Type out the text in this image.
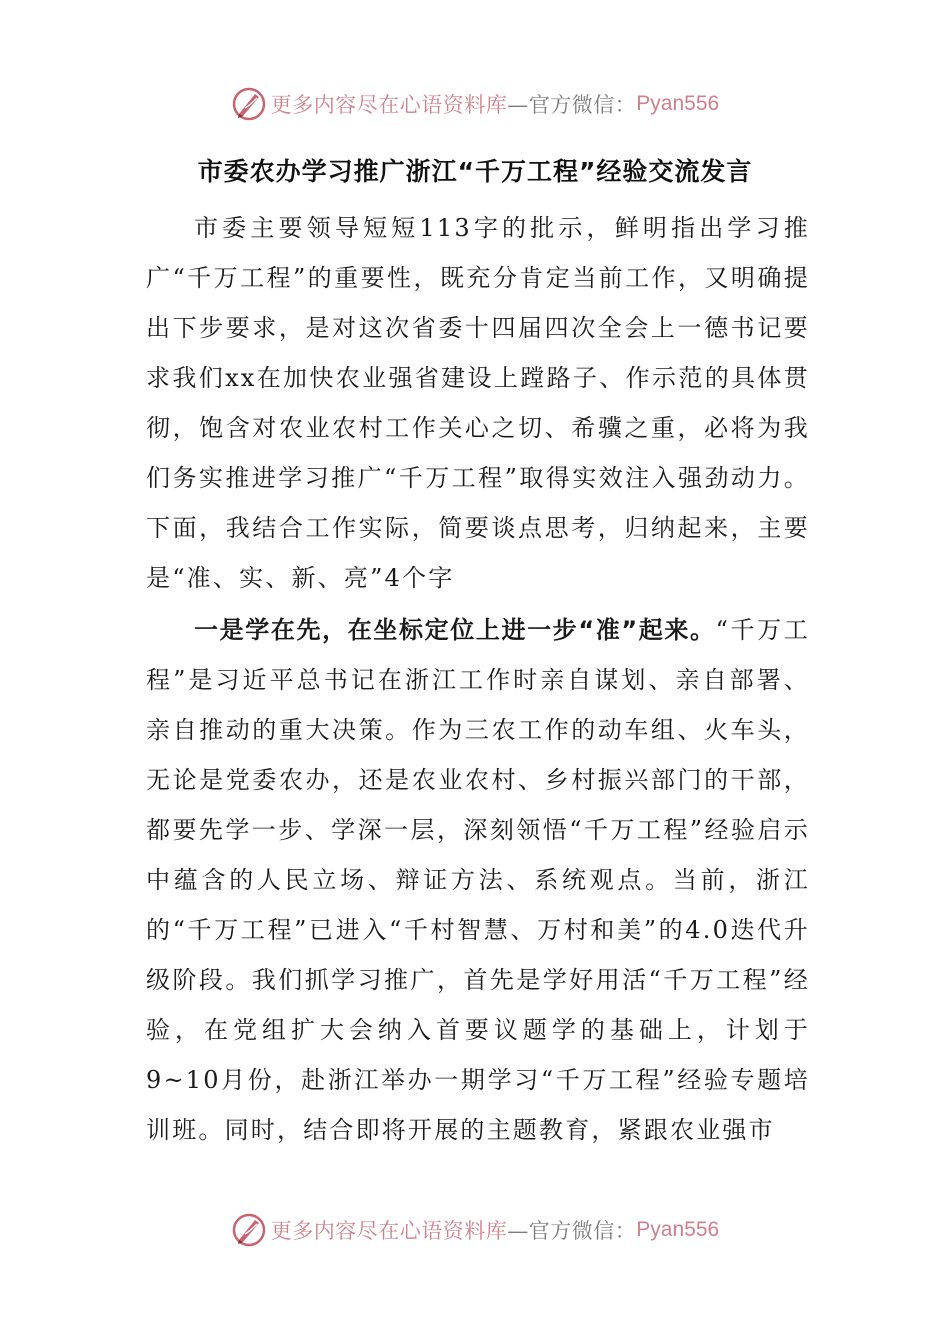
更多内容尽在心语资料库 —官方微信： Pyan556
市委农办学习推广浙江“千万工程”经验交流发言

市委主要领导短短113字的批示，鲜明指出学习推广“千万工程”的重要性，既充分肯定当前工作，又明确提出下步要求，是对这次省委十四届四次全会上一德书记要求我们xx在加快农业强省建设上蹚路子、作示范的具体贯彻，饱含对农业农村工作关心之切、希骥之重，必将为我们务实推进学习推广“千万工程”取得实效注入强劲动力。下面，我结合工作实际，简要谈点思考，归纳起来，主要是“准、实、新、亮”4个字

一是学在先，在坐标定位上进一步“准”起来。“千万工程”是习近平总书记在浙江工作时亲自谋划、亲自部署、亲自推动的重大决策。作为三农工作的动车组、火车头，无论是党委农办，还是农业农村、乡村振兴部门的干部，都要先学一步、学深一层，深刻领悟“千万工程”经验启示中蕴含的人民立场、辩证方法、系统观点。当前，浙江的“千万工程”已进入“千村智慧、万村和美”的4.0迭代升级阶段。我们抓学习推广，首先是学好用活“千万工程”经验，在党组扩大会纳入首要议题学的基础上，计划于9~10月份，赴浙江举办一期学习“千万工程”经验专题培训班。同时，结合即将开展的主题教育，紧跟农业强市

更多内容尽在心语资料库 —官方微信： Pyan556
